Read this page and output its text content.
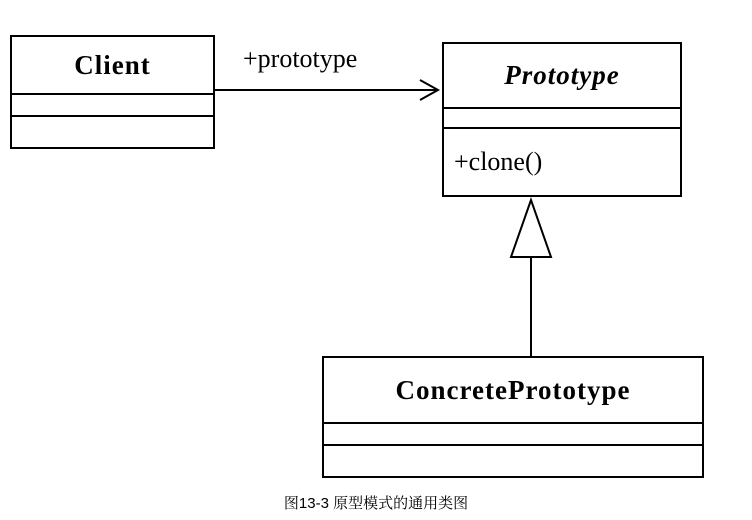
Client	Prototype
+clone()
ConcretePrototype
+prototype
图13-3 原型模式的通用类图
